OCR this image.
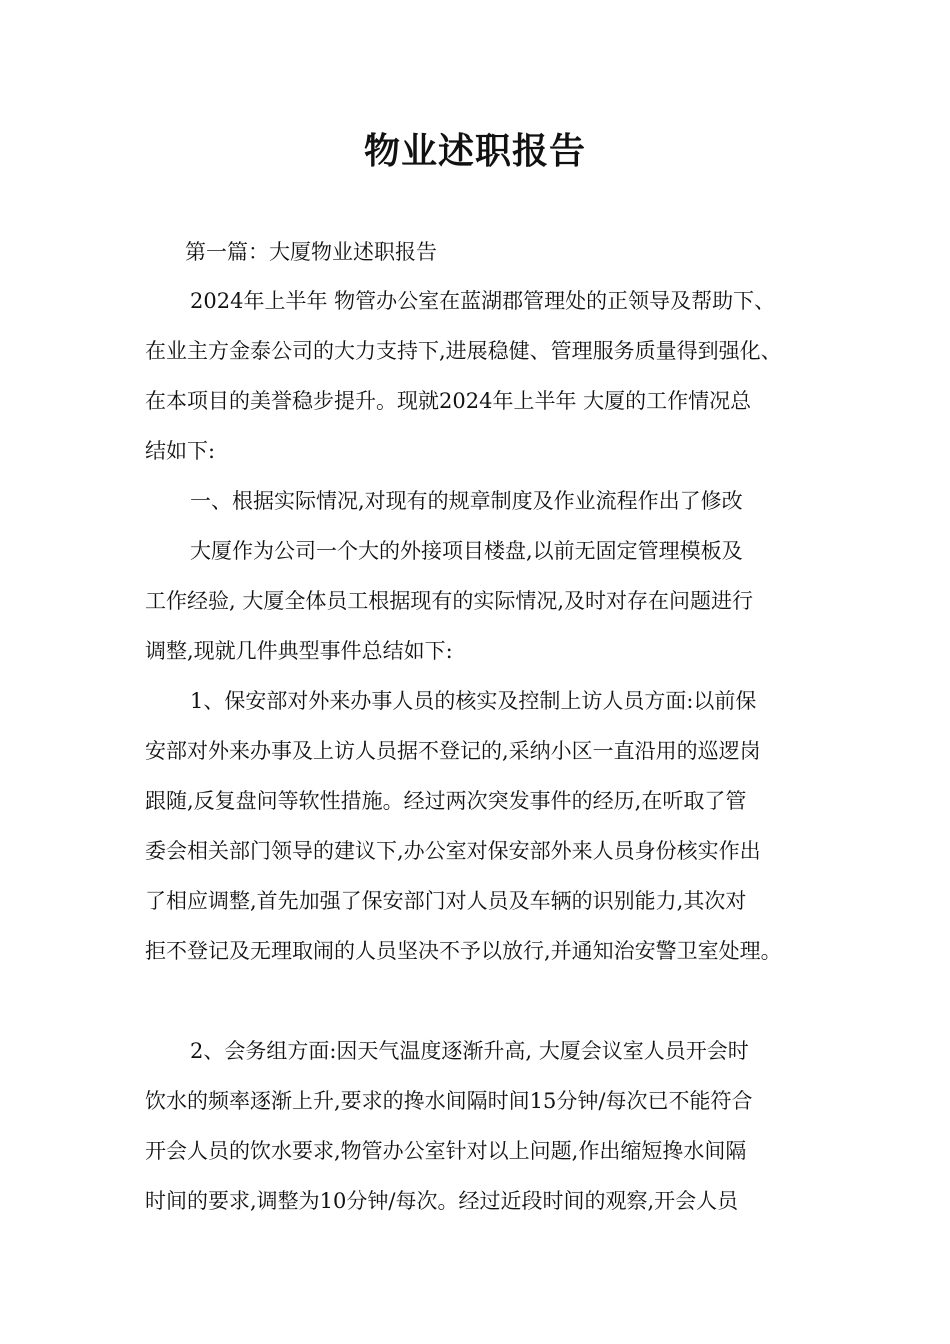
物业述职报告
第一篇：大厦物业述职报告
2024年上半年 物管办公室在蓝湖郡管理处的正领导及帮助下、
在业主方金泰公司的大力支持下,进展稳健、管理服务质量得到强化、
在本项目的美誉稳步提升。现就2024年上半年 大厦的工作情况总
结如下:
一、根据实际情况,对现有的规章制度及作业流程作出了修改
大厦作为公司一个大的外接项目楼盘,以前无固定管理模板及
工作经验, 大厦全体员工根据现有的实际情况,及时对存在问题进行
调整,现就几件典型事件总结如下:
1、保安部对外来办事人员的核实及控制上访人员方面:以前保
安部对外来办事及上访人员据不登记的,采纳小区一直沿用的巡逻岗
跟随,反复盘问等软性措施。经过两次突发事件的经历,在听取了管
委会相关部门领导的建议下,办公室对保安部外来人员身份核实作出
了相应调整,首先加强了保安部门对人员及车辆的识别能力,其次对
拒不登记及无理取闹的人员坚决不予以放行,并通知治安警卫室处理。
2、会务组方面:因天气温度逐渐升高, 大厦会议室人员开会时
饮水的频率逐渐上升,要求的搀水间隔时间15分钟/每次已不能符合
开会人员的饮水要求,物管办公室针对以上问题,作出缩短搀水间隔
时间的要求,调整为10分钟/每次。经过近段时间的观察,开会人员
